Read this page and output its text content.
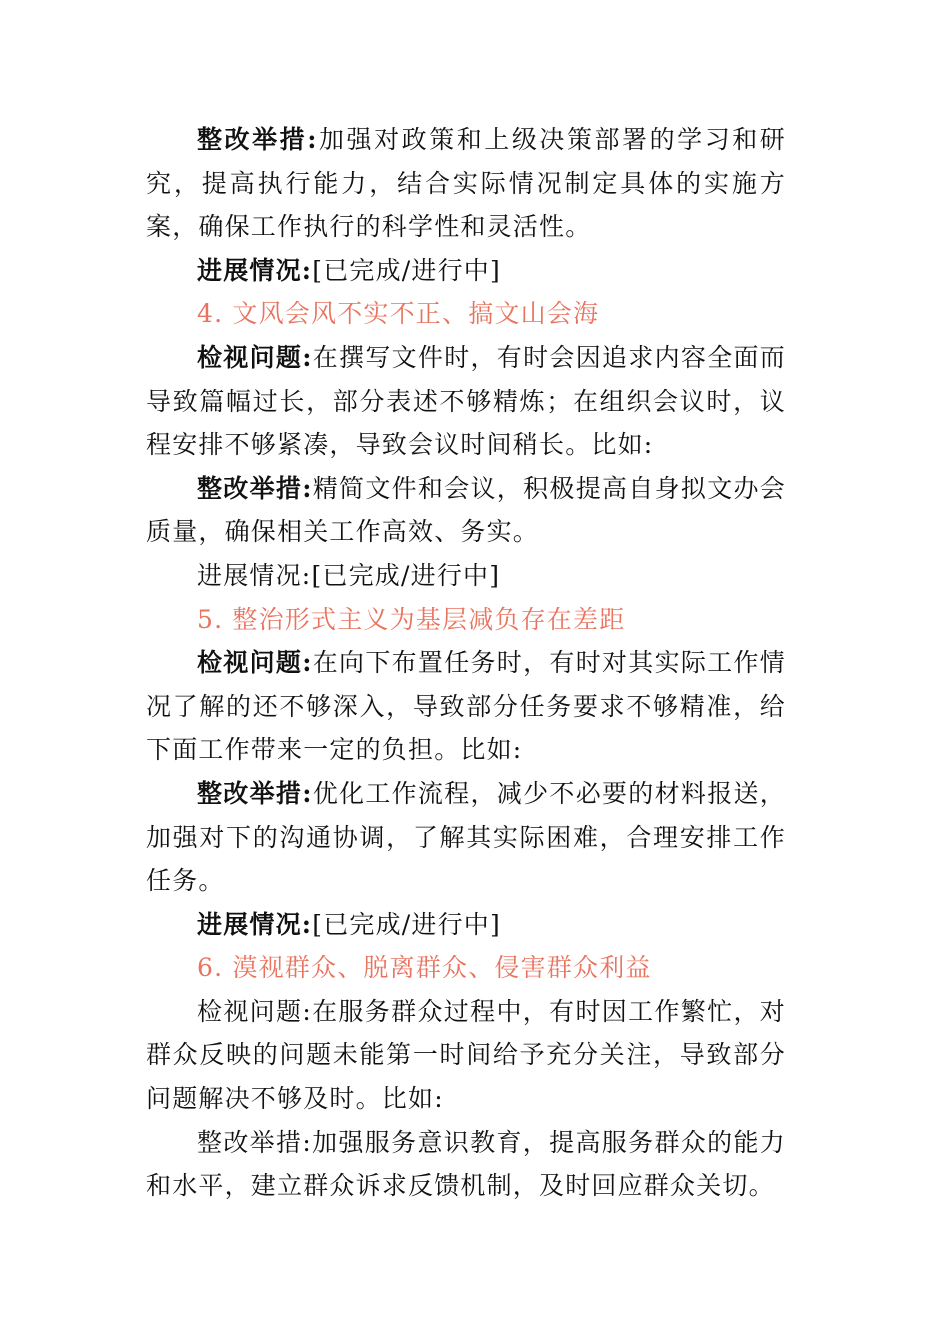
整改举措:加强对政策和上级决策部署的学习和研究，提高执行能力，结合实际情况制定具体的实施方案，确保工作执行的科学性和灵活性。

进展情况:[已完成/进行中]

4. 文风会风不实不正、搞文山会海

检视问题:在撰写文件时，有时会因追求内容全面而导致篇幅过长，部分表述不够精炼；在组织会议时，议程安排不够紧凑，导致会议时间稍长。比如:

整改举措:精简文件和会议，积极提高自身拟文办会质量，确保相关工作高效、务实。

进展情况:[已完成/进行中]

5. 整治形式主义为基层减负存在差距

检视问题:在向下布置任务时，有时对其实际工作情况了解的还不够深入，导致部分任务要求不够精准，给下面工作带来一定的负担。比如:

整改举措:优化工作流程，减少不必要的材料报送，加强对下的沟通协调，了解其实际困难，合理安排工作任务。

进展情况:[已完成/进行中]

6. 漠视群众、脱离群众、侵害群众利益

检视问题:在服务群众过程中，有时因工作繁忙，对群众反映的问题未能第一时间给予充分关注，导致部分问题解决不够及时。比如:

整改举措:加强服务意识教育，提高服务群众的能力和水平，建立群众诉求反馈机制，及时回应群众关切。
